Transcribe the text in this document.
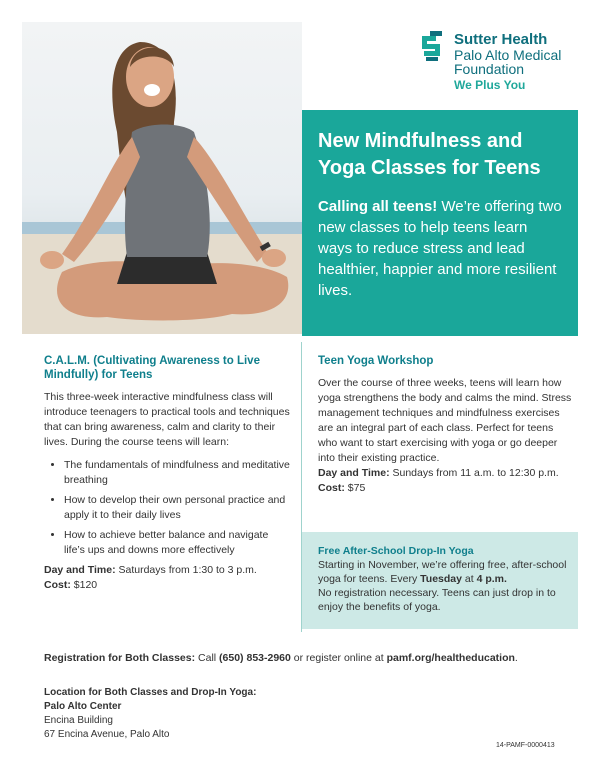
Sutter Health
Palo Alto Medical Foundation
We Plus You
New Mindfulness and Yoga Classes for Teens

Calling all teens! We’re offering two new classes to help teens learn ways to reduce stress and lead healthier, happier and more resilient lives.

C.A.L.M. (Cultivating Awareness to Live Mindfully) for Teens

This three-week interactive mindfulness class will introduce teenagers to practical tools and techniques that can bring awareness, calm and clarity to their lives. During the course teens will learn:

• The fundamentals of mindfulness and meditative breathing
• How to develop their own personal practice and apply it to their daily lives
• How to achieve better balance and navigate life’s ups and downs more effectively

Day and Time: Saturdays from 1:30 to 3 p.m.

Cost: $120

Teen Yoga Workshop

Over the course of three weeks, teens will learn how yoga strengthens the body and calms the mind. Stress management techniques and mindfulness exercises are an integral part of each class. Perfect for teens who want to start exercising with yoga or go deeper into their existing practice.

Day and Time: Sundays from 11 a.m. to 12:30 p.m.

Cost: $75

Free After-School Drop-In Yoga
Starting in November, we’re offering free, after-school yoga for teens. Every Tuesday at 4 p.m.
No registration necessary. Teens can just drop in to enjoy the benefits of yoga.
Registration for Both Classes: Call (650) 853-2960 or register online at pamf.org/healtheducation.
Location for Both Classes and Drop-In Yoga:
Palo Alto Center
Encina Building
67 Encina Avenue, Palo Alto
14-PAMF-0000413
